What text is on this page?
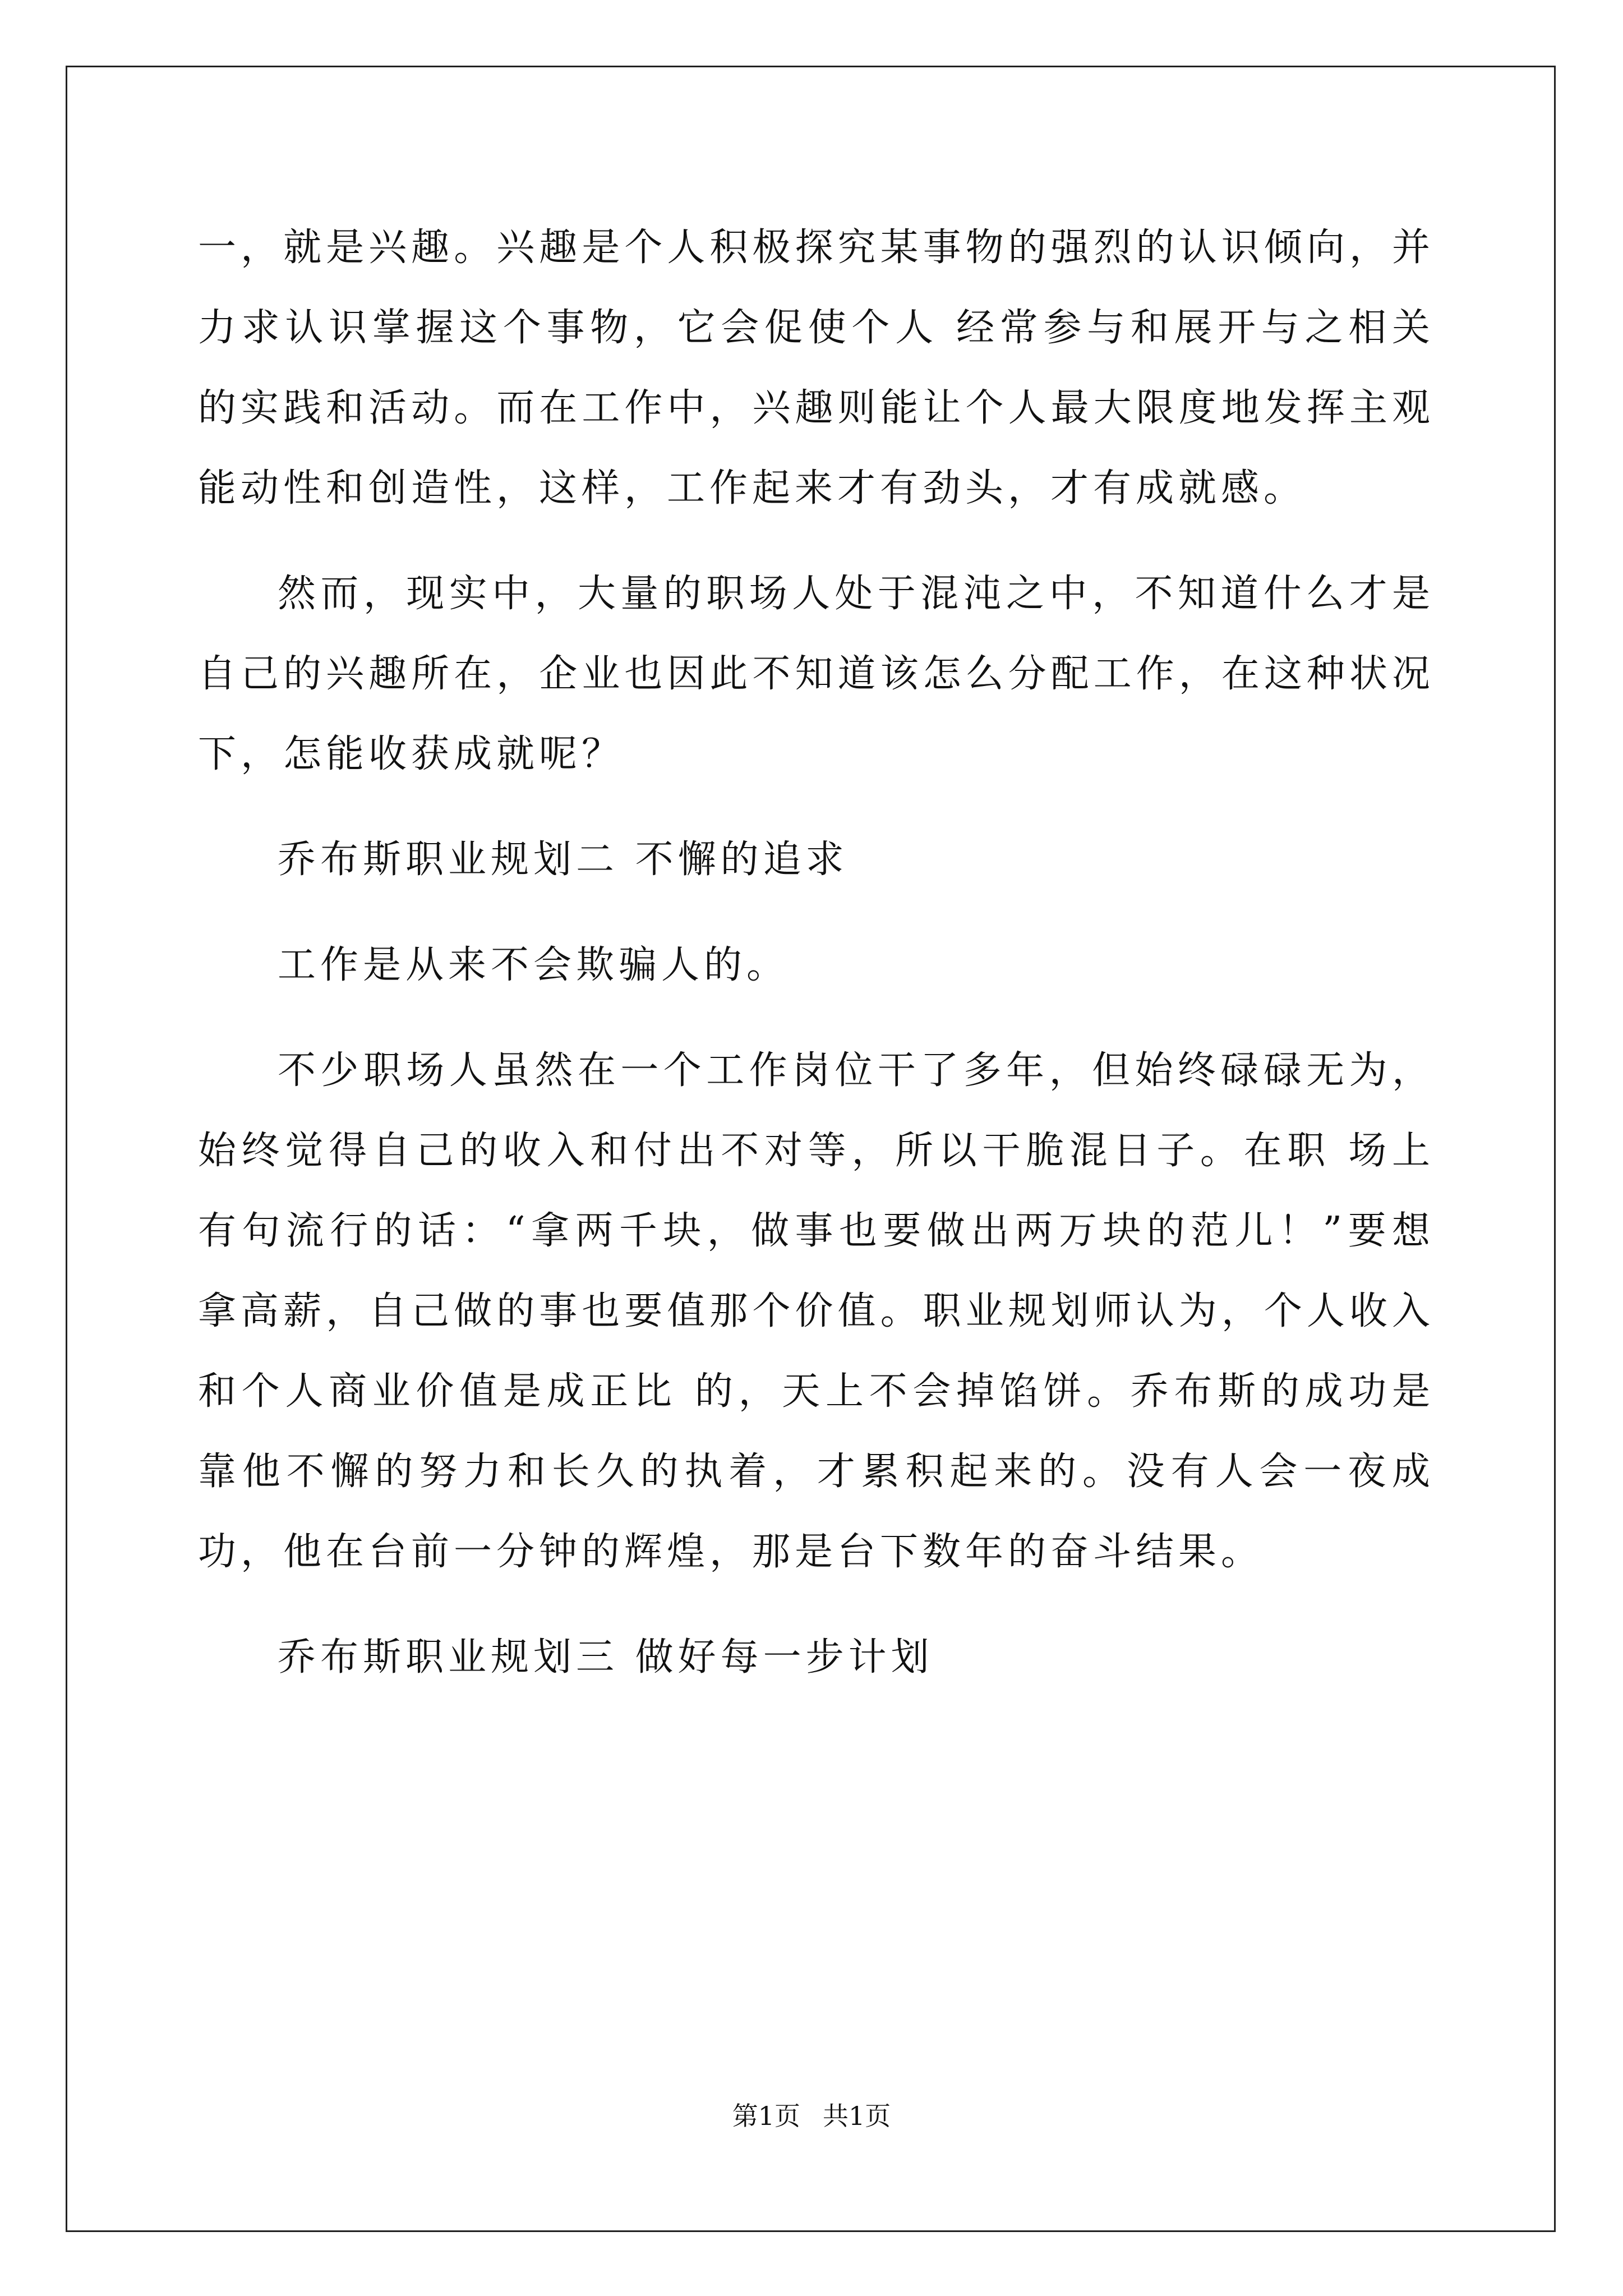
一，就是兴趣。兴趣是个人积极探究某事物的强烈的认识倾向，并力求认识掌握这个事物，它会促使个人 经常参与和展开与之相关的实践和活动。而在工作中，兴趣则能让个人最大限度地发挥主观能动性和创造性，这样，工作起来才有劲头，才有成就感。

然而，现实中，大量的职场人处于混沌之中，不知道什么才是自己的兴趣所在，企业也因此不知道该怎么分配工作，在这种状况下，怎能收获成就呢？

乔布斯职业规划二 不懈的追求

工作是从来不会欺骗人的。

不少职场人虽然在一个工作岗位干了多年，但始终碌碌无为，始终觉得自己的收入和付出不对等，所以干脆混日子。在职 场上有句流行的话：“拿两千块，做事也要做出两万块的范儿！”要想拿高薪，自己做的事也要值那个价值。职业规划师认为，个人收入和个人商业价值是成正比 的，天上不会掉馅饼。乔布斯的成功是靠他不懈的努力和长久的执着，才累积起来的。没有人会一夜成功，他在台前一分钟的辉煌，那是台下数年的奋斗结果。

乔布斯职业规划三 做好每一步计划

第1页 共1页
